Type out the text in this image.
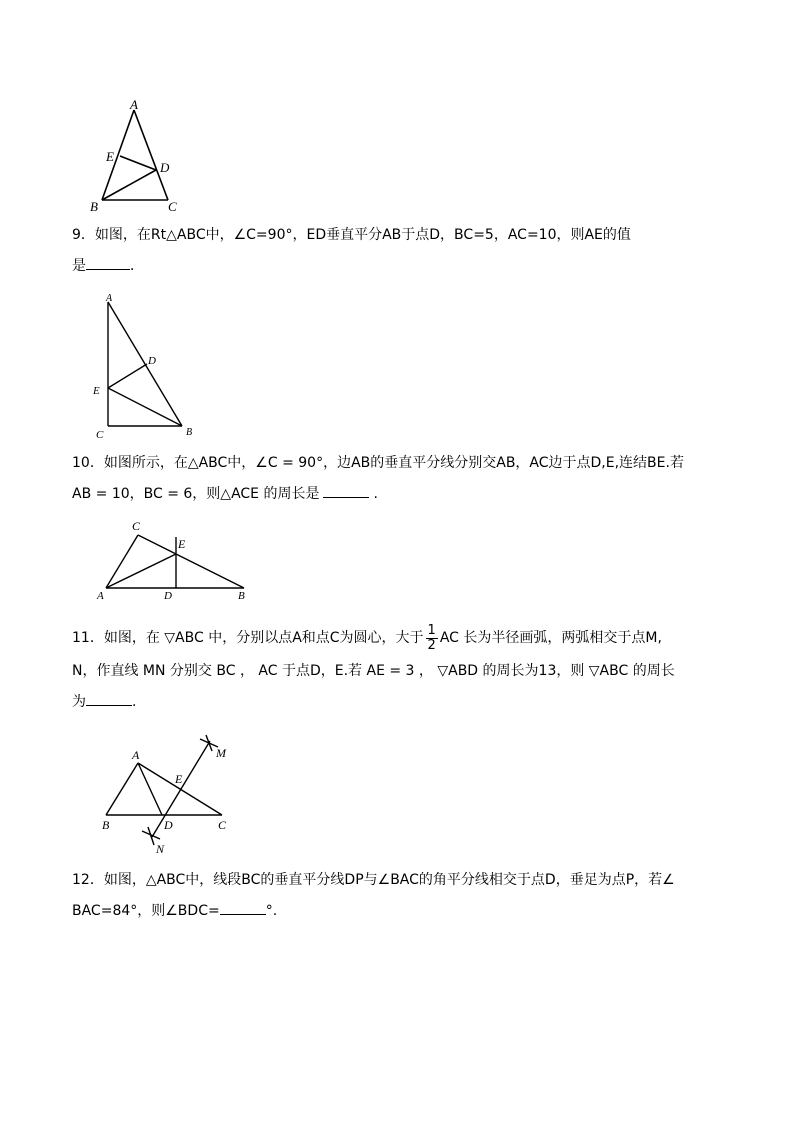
A
E
D
B	C
9．如图，在Rt△ABC中，∠C=90°，ED垂直平分AB于点D，BC=5，AC=10，则AE的值
是	．
A
D
E
C	B
10．如图所示，在△ABC中，∠C = 90°，边AB的垂直平分线分别交AB，AC边于点D,E,连结BE.若
AB = 10，BC = 6，则△ACE 的周长是	.
C
E
A	D	B
11．如图，在 ▽ABC 中，分别以点A和点C为圆心，大于 $\frac{1}{2}$ AC 长为半径画弧，两弧相交于点M,
N，作直线 MN 分别交 BC ， AC 于点D，E.若 AE = 3 ， ▽ABD 的周长为13，则 ▽ABC 的周长
为	.
A
E
M
B	D	C
N
12．如图，△ABC中，线段BC的垂直平分线DP与∠BAC的角平分线相交于点D，垂足为点P，若∠
BAC=84°，则∠BDC=	°.
